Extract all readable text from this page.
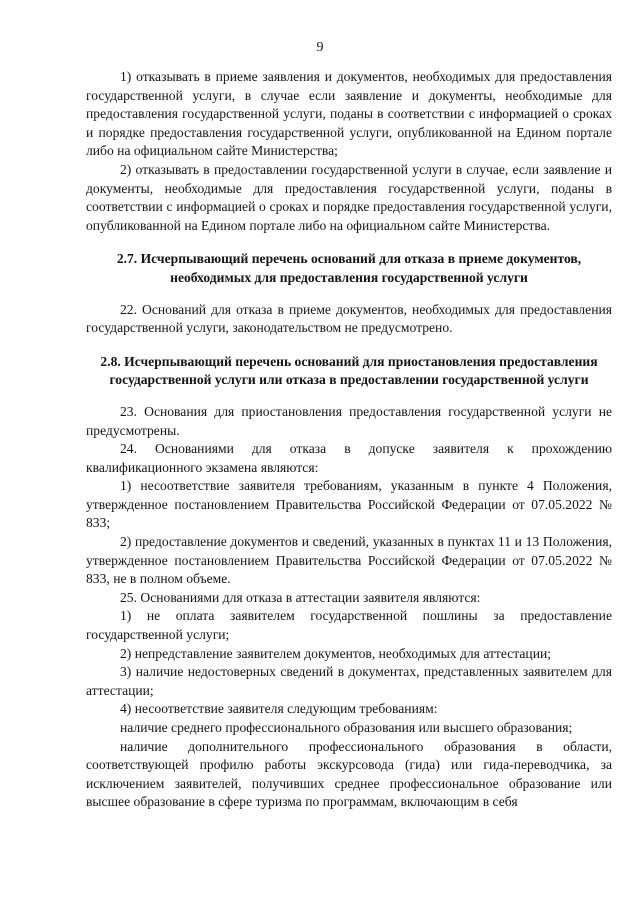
9

1) отказывать в приеме заявления и документов, необходимых для предоставления государственной услуги, в случае если заявление и документы, необходимые для предоставления государственной услуги, поданы в соответствии с информацией о сроках и порядке предоставления государственной услуги, опубликованной на Едином портале либо на официальном сайте Министерства;

2) отказывать в предоставлении государственной услуги в случае, если заявление и документы, необходимые для предоставления государственной услуги, поданы в соответствии с информацией о сроках и порядке предоставления государственной услуги, опубликованной на Едином портале либо на официальном сайте Министерства.

2.7. Исчерпывающий перечень оснований для отказа в приеме документов, необходимых для предоставления государственной услуги

22. Оснований для отказа в приеме документов, необходимых для предоставления государственной услуги, законодательством не предусмотрено.

2.8. Исчерпывающий перечень оснований для приостановления предоставления государственной услуги или отказа в предоставлении государственной услуги

23. Основания для приостановления предоставления государственной услуги не предусмотрены.

24. Основаниями для отказа в допуске заявителя к прохождению квалификационного экзамена являются:

1) несоответствие заявителя требованиям, указанным в пункте 4 Положения, утвержденное постановлением Правительства Российской Федерации от 07.05.2022 № 833;

2) предоставление документов и сведений, указанных в пунктах 11 и 13 Положения, утвержденное постановлением Правительства Российской Федерации от 07.05.2022 № 833, не в полном объеме.

25. Основаниями для отказа в аттестации заявителя являются:

1) не оплата заявителем государственной пошлины за предоставление государственной услуги;

2) непредставление заявителем документов, необходимых для аттестации;

3) наличие недостоверных сведений в документах, представленных заявителем для аттестации;

4) несоответствие заявителя следующим требованиям:

наличие среднего профессионального образования или высшего образования;

наличие дополнительного профессионального образования в области, соответствующей профилю работы экскурсовода (гида) или гида-переводчика, за исключением заявителей, получивших среднее профессиональное образование или высшее образование в сфере туризма по программам, включающим в себя
